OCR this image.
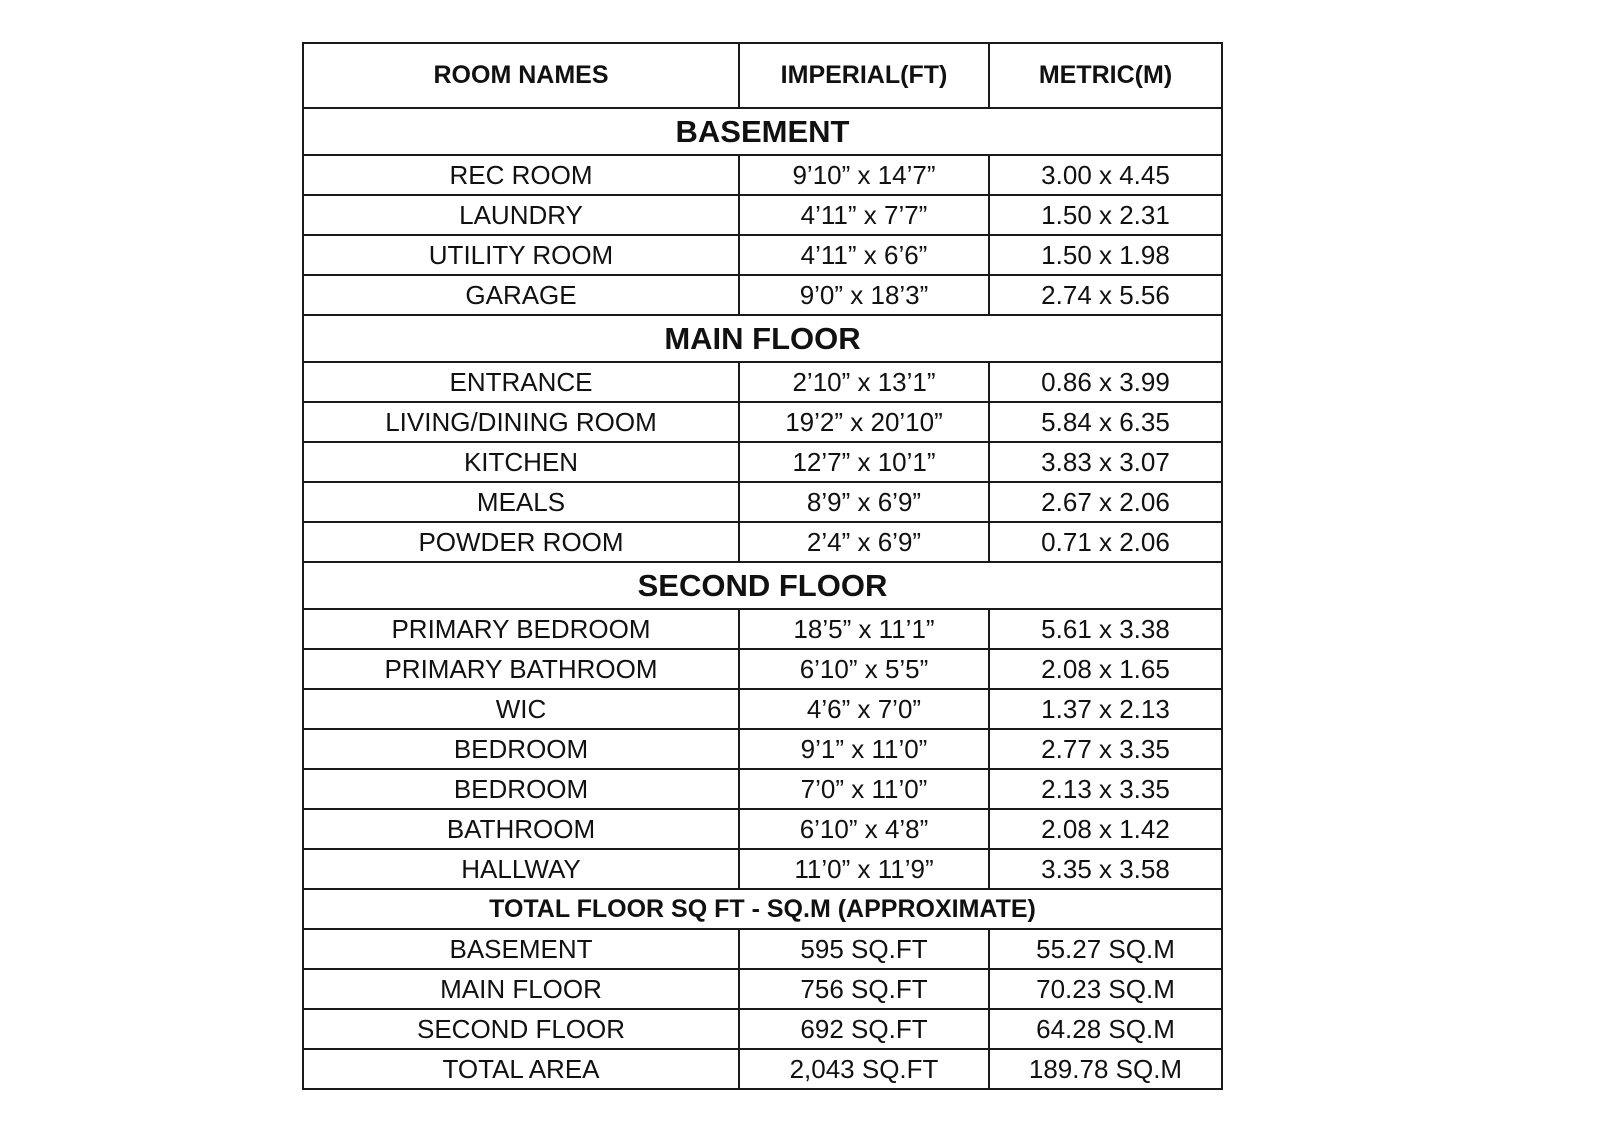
ROOM NAMES	IMPERIAL(FT)	METRIC(M)
BASEMENT		
REC ROOM	9’10” x 14’7”	3.00 x 4.45
LAUNDRY	4’11” x 7’7”	1.50 x 2.31
UTILITY ROOM	4’11” x 6’6”	1.50 x 1.98
GARAGE	9’0” x 18’3”	2.74 x 5.56
MAIN FLOOR		
ENTRANCE	2’10” x 13’1”	0.86 x 3.99
LIVING/DINING ROOM	19’2” x 20’10”	5.84 x 6.35
KITCHEN	12’7” x 10’1”	3.83 x 3.07
MEALS	8’9” x 6’9”	2.67 x 2.06
POWDER ROOM	2’4” x 6’9”	0.71 x 2.06
SECOND FLOOR		
PRIMARY BEDROOM	18’5” x 11’1”	5.61 x 3.38
PRIMARY BATHROOM	6’10” x 5’5”	2.08 x 1.65
WIC	4’6” x 7’0”	1.37 x 2.13
BEDROOM	9’1” x 11’0”	2.77 x 3.35
BEDROOM	7’0” x 11’0”	2.13 x 3.35
BATHROOM	6’10” x 4’8”	2.08 x 1.42
HALLWAY	11’0” x 11’9”	3.35 x 3.58
TOTAL FLOOR SQ FT - SQ.M (APPROXIMATE)		
BASEMENT	595 SQ.FT	55.27 SQ.M
MAIN FLOOR	756 SQ.FT	70.23 SQ.M
SECOND FLOOR	692 SQ.FT	64.28 SQ.M
TOTAL AREA	2,043 SQ.FT	189.78 SQ.M
